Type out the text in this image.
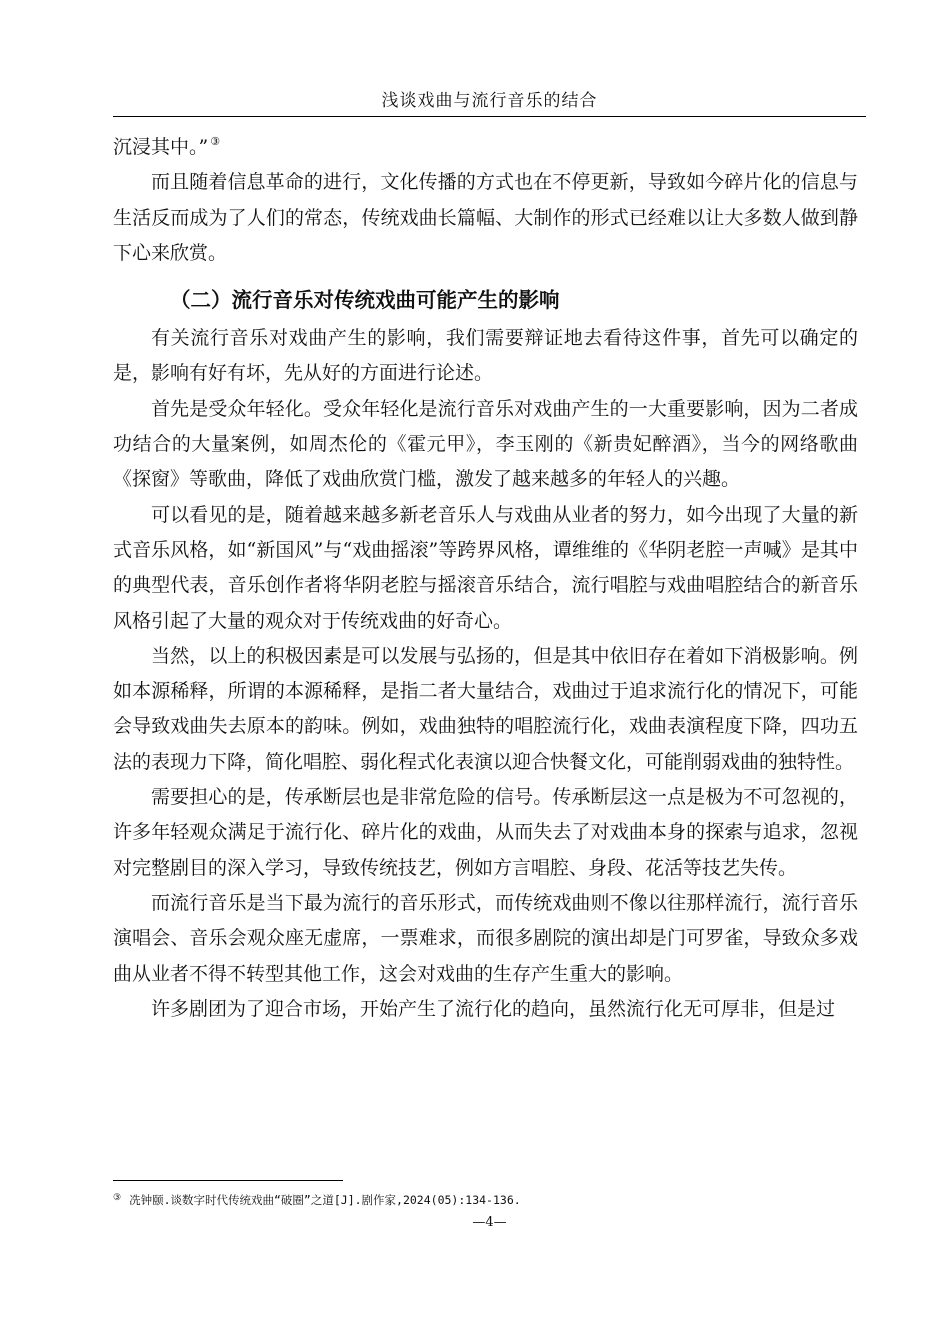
浅谈戏曲与流行音乐的结合

沉浸其中。” ③

而且随着信息革命的进行，文化传播的方式也在不停更新，导致如今碎片化的信息与生活反而成为了人们的常态，传统戏曲长篇幅、大制作的形式已经难以让大多数人做到静下心来欣赏。

（二）流行音乐对传统戏曲可能产生的影响

有关流行音乐对戏曲产生的影响，我们需要辩证地去看待这件事，首先可以确定的是，影响有好有坏，先从好的方面进行论述。

首先是受众年轻化。受众年轻化是流行音乐对戏曲产生的一大重要影响，因为二者成功结合的大量案例，如周杰伦的《霍元甲》，李玉刚的《新贵妃醉酒》，当今的网络歌曲《探窗》等歌曲，降低了戏曲欣赏门槛，激发了越来越多的年轻人的兴趣。

可以看见的是，随着越来越多新老音乐人与戏曲从业者的努力，如今出现了大量的新式音乐风格，如“新国风”与“戏曲摇滚”等跨界风格，谭维维的《华阴老腔一声喊》是其中的典型代表，音乐创作者将华阴老腔与摇滚音乐结合，流行唱腔与戏曲唱腔结合的新音乐风格引起了大量的观众对于传统戏曲的好奇心。

当然，以上的积极因素是可以发展与弘扬的，但是其中依旧存在着如下消极影响。例如本源稀释，所谓的本源稀释，是指二者大量结合，戏曲过于追求流行化的情况下，可能会导致戏曲失去原本的韵味。例如，戏曲独特的唱腔流行化，戏曲表演程度下降，四功五法的表现力下降，简化唱腔、弱化程式化表演以迎合快餐文化，可能削弱戏曲的独特性。

需要担心的是，传承断层也是非常危险的信号。传承断层这一点是极为不可忽视的，许多年轻观众满足于流行化、碎片化的戏曲，从而失去了对戏曲本身的探索与追求，忽视对完整剧目的深入学习，导致传统技艺，例如方言唱腔、身段、花活等技艺失传。

而流行音乐是当下最为流行的音乐形式，而传统戏曲则不像以往那样流行，流行音乐演唱会、音乐会观众座无虚席，一票难求，而很多剧院的演出却是门可罗雀，导致众多戏曲从业者不得不转型其他工作，这会对戏曲的生存产生重大的影响。

许多剧团为了迎合市场，开始产生了流行化的趋向，虽然流行化无可厚非，但是过

③ 冼钟颐.谈数字时代传统戏曲“破圈”之道[J].剧作家,2024(05):134-136.
—4—
